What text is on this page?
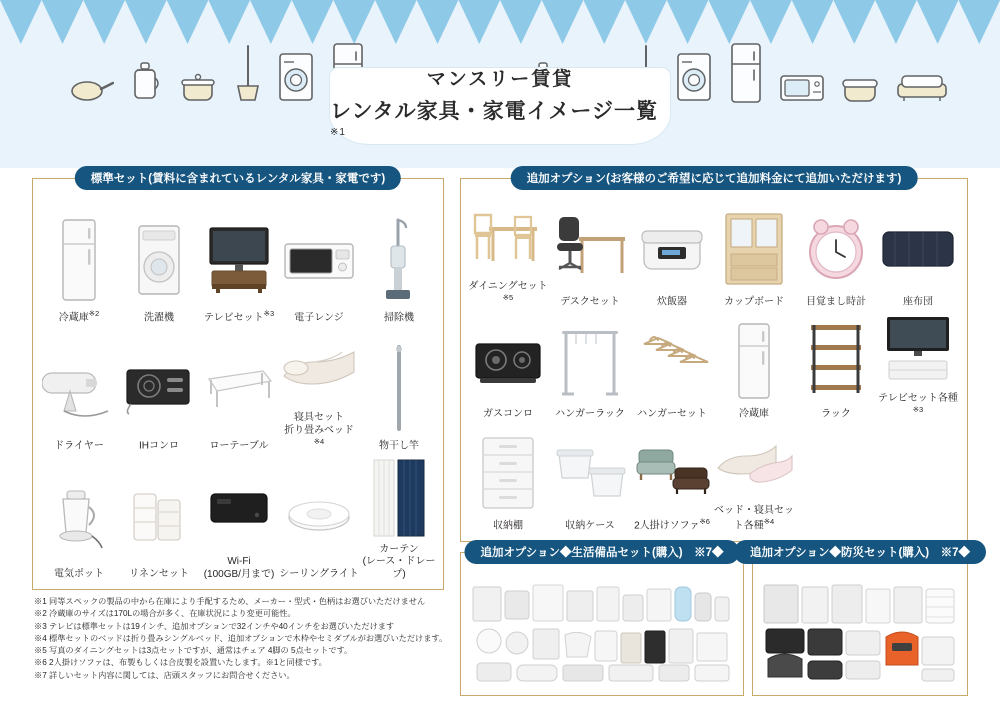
マンスリー賃貸
レンタル家具・家電イメージ一覧$^{※1}$
標準セット(賃料に含まれているレンタル家具・家電です)
冷蔵庫$^{※2}$	洗濯機	テレビセット$^{※3}$ 電子レンジ	掃除機
ドライヤー	IHコンロ	ローテーブル
寝具セット
折り畳みベッド$^{※4}$	物干し竿
電気ポット	リネンセット
Wi-Fi
(100GB/月まで) シーリングライト
カーテン
(レース・ドレープ)
追加オプション(お客様のご希望に応じて追加料金にて追加いただけます)
ダイニングセット$^{※5}$	デスクセット	炊飯器	カップボード 目覚まし時計	座布団
ガスコンロ ハンガーラック ハンガーセット	冷蔵庫	ラック
テレビセット各種$^{※3}$
収納棚	収納ケース 2人掛けソファ$^{※6}$
ベッド・寝具セット各種$^{※4}$
追加オプション◆生活備品セット(購入)　※7◆	追加オプション◆防災セット(購入)　※7◆
※1 同等スペックの製品の中から在庫により手配するため、メーカー・型式・色柄はお選びいただけません
※2 冷蔵庫のサイズは170Lの場合が多く、在庫状況により変更可能性。
※3 テレビは標準セットは19インチ、追加オプションで32インチや40インチをお選びいただけます
※4 標準セットのベッドは折り畳みシングルベッド、追加オプションで木枠やセミダブルがお選びいただけます。
※5 写真のダイニングセットは3点セットですが、通常はチェア 4脚の 5点セットです。
※6 2人掛けソファは、布製もしくは合皮製を設置いたします。※1と同様です。
※7 詳しいセット内容に関しては、店頭スタッフにお問合せください。
